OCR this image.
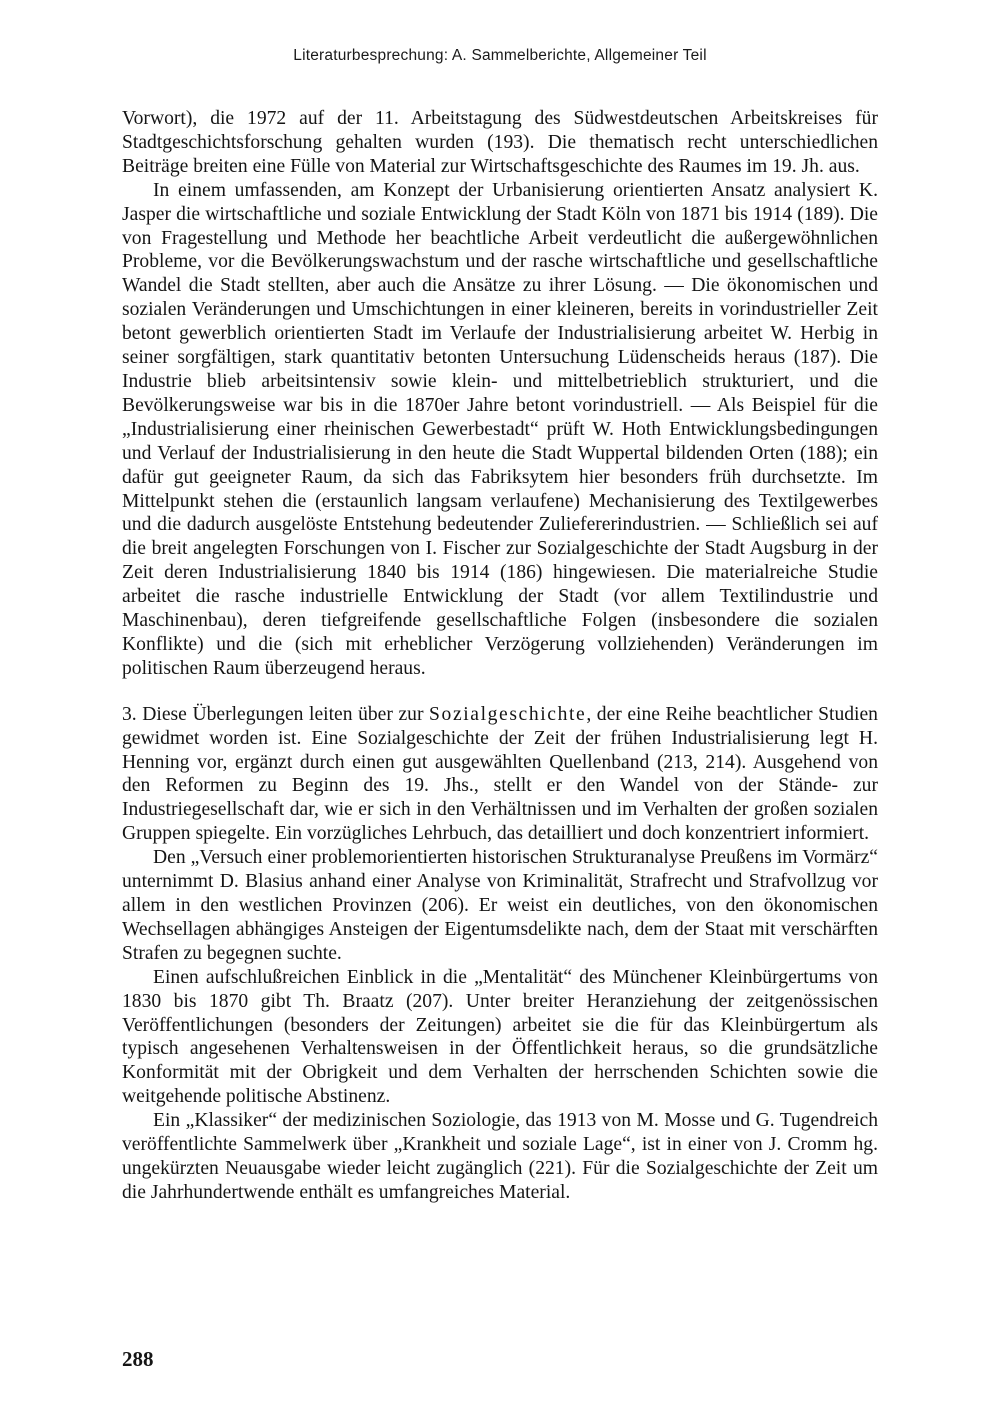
Literaturbesprechung: A. Sammelberichte, Allgemeiner Teil

Vorwort), die 1972 auf der 11. Arbeitstagung des Südwestdeutschen Arbeitskreises für Stadtgeschichtsforschung gehalten wurden (193). Die thematisch recht unterschiedlichen Beiträge breiten eine Fülle von Material zur Wirtschaftsgeschichte des Raumes im 19. Jh. aus.

In einem umfassenden, am Konzept der Urbanisierung orientierten Ansatz analysiert K. Jasper die wirtschaftliche und soziale Entwicklung der Stadt Köln von 1871 bis 1914 (189). Die von Fragestellung und Methode her beachtliche Arbeit verdeutlicht die außergewöhnlichen Probleme, vor die Bevölkerungswachstum und der rasche wirtschaftliche und gesellschaftliche Wandel die Stadt stellten, aber auch die Ansätze zu ihrer Lösung. — Die ökonomischen und sozialen Veränderungen und Umschichtungen in einer kleineren, bereits in vorindustrieller Zeit betont gewerblich orientierten Stadt im Verlaufe der Industrialisierung arbeitet W. Herbig in seiner sorgfältigen, stark quantitativ betonten Untersuchung Lüdenscheids heraus (187). Die Industrie blieb arbeitsintensiv sowie klein- und mittelbetrieblich strukturiert, und die Bevölkerungsweise war bis in die 1870er Jahre betont vorindustriell. — Als Beispiel für die „Industrialisierung einer rheinischen Gewerbestadt“ prüft W. Hoth Entwicklungsbedingungen und Verlauf der Industrialisierung in den heute die Stadt Wuppertal bildenden Orten (188); ein dafür gut geeigneter Raum, da sich das Fabriksytem hier besonders früh durchsetzte. Im Mittelpunkt stehen die (erstaunlich langsam verlaufene) Mechanisierung des Textilgewerbes und die dadurch ausgelöste Entstehung bedeutender Zuliefererindustrien. — Schließlich sei auf die breit angelegten Forschungen von I. Fischer zur Sozialgeschichte der Stadt Augsburg in der Zeit deren Industrialisierung 1840 bis 1914 (186) hingewiesen. Die materialreiche Studie arbeitet die rasche industrielle Entwicklung der Stadt (vor allem Textilindustrie und Maschinenbau), deren tiefgreifende gesellschaftliche Folgen (insbesondere die sozialen Konflikte) und die (sich mit erheblicher Verzögerung vollziehenden) Veränderungen im politischen Raum überzeugend heraus.

3. Diese Überlegungen leiten über zur Sozialgeschichte, der eine Reihe beachtlicher Studien gewidmet worden ist. Eine Sozialgeschichte der Zeit der frühen Industrialisierung legt H. Henning vor, ergänzt durch einen gut ausgewählten Quellenband (213, 214). Ausgehend von den Reformen zu Beginn des 19. Jhs., stellt er den Wandel von der Stände- zur Industriegesellschaft dar, wie er sich in den Verhältnissen und im Verhalten der großen sozialen Gruppen spiegelte. Ein vorzügliches Lehrbuch, das detailliert und doch konzentriert informiert.

Den „Versuch einer problemorientierten historischen Strukturanalyse Preußens im Vormärz“ unternimmt D. Blasius anhand einer Analyse von Kriminalität, Strafrecht und Strafvollzug vor allem in den westlichen Provinzen (206). Er weist ein deutliches, von den ökonomischen Wechsellagen abhängiges Ansteigen der Eigentumsdelikte nach, dem der Staat mit verschärften Strafen zu begegnen suchte.

Einen aufschlußreichen Einblick in die „Mentalität“ des Münchener Kleinbürgertums von 1830 bis 1870 gibt Th. Braatz (207). Unter breiter Heranziehung der zeitgenössischen Veröffentlichungen (besonders der Zeitungen) arbeitet sie die für das Kleinbürgertum als typisch angesehenen Verhaltensweisen in der Öffentlichkeit heraus, so die grundsätzliche Konformität mit der Obrigkeit und dem Verhalten der herrschenden Schichten sowie die weitgehende politische Abstinenz.

Ein „Klassiker“ der medizinischen Soziologie, das 1913 von M. Mosse und G. Tugendreich veröffentlichte Sammelwerk über „Krankheit und soziale Lage“, ist in einer von J. Cromm hg. ungekürzten Neuausgabe wieder leicht zugänglich (221). Für die Sozialgeschichte der Zeit um die Jahrhundertwende enthält es umfangreiches Material.

288
